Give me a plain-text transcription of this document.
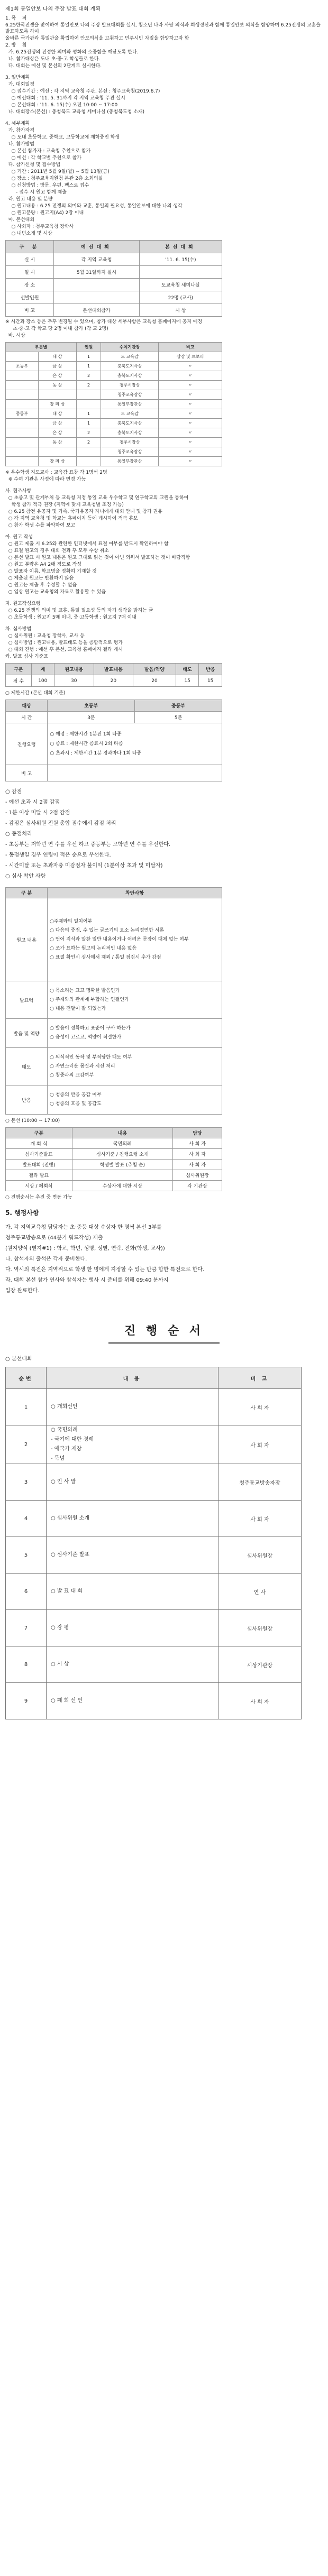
제1회 통일안보 나의 주장 발표 대회 계획
1. 목    적
6.25한국전쟁을 맞이하여 통일안보 나의 주장 발표대회를 실시, 청소년 나라 사랑 의식과 희생정신과 함께 통일안보 의식을 함양하며 6.25전쟁의 교훈을 발표하도록 하여
올바른 국가관과 통일관을 확립하여 안보의식을 고취하고 민주시민 자질을 함양하고자 함
2. 방    침
가. 6.25전쟁의 진정한 의미와 평화의 소중함을 깨닫도록 한다.
나. 참가대상은 도내 초·중·고 학생들로 한다.
다. 대회는 예선 및 본선의 2단계로 실시한다.
3. 일반계획
가. 대회일정
○ 접수기간 : 예선 : 각 지역 교육청 주관, 본선 : 청주교육청(2019.6.7)
○ 예선대회 : '11. 5. 31까지 각 지역 교육청 주관 실시
○ 본선대회 : '11. 6. 15(수) 오전 10:00 ~ 17:00
나. 대회장소(본선) : 충청북도 교육청 세미나실 (충청북도청 소재)
4. 세부계획
가. 참가자격
○ 도내 초등학교, 중학교, 고등학교에 재학중인 학생
나. 참가방법
○ 본선 참가자 : 교육청 추천으로 참가
○ 예선 : 각 학교별 추천으로 참가
다. 참가신청 및 접수방법
○ 기간 : 2011년 5월 9일(월) ~ 5월 13일(금)
○ 장소 : 청주교육지원청 본관 2층 소회의실
○ 신청방법 : 방문, 우편, 팩스로 접수
- 접수 시 원고 함께 제출
라. 원고 내용 및 분량
○ 원고내용 : 6.25 전쟁의 의미와 교훈, 통일의 필요성, 통일안보에 대한 나의 생각
○ 원고분량 : 원고지(A4) 2장 이내
마. 본선대회
○ 사회자 : 청주교육청 장학사
○ 내빈소개 및 시상
구 분	예선대회	본선대회
실 시	각 지역 교육청	'11. 6. 15(수)
일 시	5월 31일까지 실시	
장 소		도교육청 세미나실
선발인원		22명 (교사)
비 고	본선대회참가	시 상
※ 시간과 장소 등은 추후 변경될 수 있으며, 참가 대상 세부사항은 교육청 홈페이지에 공지 예정
초·중·고 각 학교 당 2명 이내 참가 (각 교 2명)
바. 시상
부문별		인원	수여기관장	비고
	대 상	1	도 교육감	상장 및 트로피
초등부	금 상	1	충북도지사상	〃
	은 상	2	충북도지사상	〃
	동 상	2	청주시장상	〃
			청주교육장상	〃
	장 려 상		통일부장관상	〃
중등부	대 상	1	도 교육감	〃
	금 상	1	충북도지사상	〃
	은 상	2	충북도지사상	〃
	동 상	2	청주시장상	〃
			청주교육장상	〃
	장 려 상		통일부장관상	〃
※ 우수학생 지도교사 : 교육감 표창 각 1명씩 2명
※ 수여 기관은 사정에 따라 변경 가능
사. 협조사항
○ 초중고 및 관계부처 등 교육청 지정 통일 교육 우수학교 및 연구학교의 교원을 통하여
학생 참가 적극 권장 (지역에 맞게 교육청별 조정 가능)
○ 6.25 참전 유공자 및 가족, 국가유공자 자녀에게 대회 안내 및 참가 권유
○ 각 지역 교육청 및 학교는 홈페이지 등에 게시하여 적극 홍보
○ 참가 학생 수를 파악하여 보고
아. 원고 작성
○ 원고 제출 시 6.25와 관련한 인터넷에서 표절 여부를 반드시 확인하여야 함
○ 표절 원고의 경우 대회 전과 후 모두 수상 취소
○ 본선 발표 시 원고 내용은 원고 그대로 읽는 것이 아닌 외워서 발표하는 것이 바람직함
○ 원고 분량은 A4 2매 정도로 작성
○ 발표자 이름, 학교명을 정확히 기재할 것
○ 제출된 원고는 반환하지 않음
○ 원고는 제출 후 수정할 수 없음
○ 입상 원고는 교육청의 자료로 활용할 수 있음
자. 원고작성요령
○ 6.25 전쟁의 의미 및 교훈, 통일 필요성 등의 자기 생각을 밝히는 글
○ 초등학생 : 원고지 5매 이내, 중·고등학생 : 원고지 7매 이내
차. 심사방법
○ 심사위원 : 교육청 장학사, 교사 등
○ 심사방법 : 원고내용, 발표태도 등을 종합적으로 평가
○ 대회 진행 : 예선 후 본선, 교육청 홈페이지 결과 게시
카. 발표 심사 기준표
구분	계	원고내용	발표내용	발음/억양	태도	반응
점 수	100	30	20	20	15	15
○ 제한시간 (본선 대회 기준)
대상	초등부	중등부
시 간	3분	5분
진행요령	○ 예령 : 제한시간 1분전 1회 타종
○ 종료 : 제한시간 종료시 2회 타종
○ 초과시 : 제한시간 1분 경과마다 1회 타종	
비 고		
○ 감점
- 예선 초과 시 2점 감점
- 1분 이상 미달 시 2점 감점
- 감점은 심사위원 전원 총합 점수에서 감점 처리
○ 동점처리
- 초등부는 저학년 연 수를 우선 하고 중등부는 고학년 연 수를 우선한다.
- 동점생일 경우 연령이 적은 순으로 우선한다.
- 시간미달 또는 초과자중 미감점자 불이익 (1분이상 초과 및 미달자)
○ 심사 착안 사항
구 분	착안사항
원고 내용	○주제와의 일치여부
○ 다음의 중점, 수 있는 글쓰기의 요소 논리정연한 서론
○ 언어 지식과 알찬 일반 내용이거나 어려운 문장이 대체 없는 여부
○ 조가 요하는 원고의 논리적인 내용 없음
○ 표절 확인시 심사에서 제외 / 통일 점검시 추가 감점
발표력	○ 목소리는 크고 명확한 발음인가
○ 주제와의 관계에 부합하는 연결인가
○ 내용 전달이 잘 되었는가
발음 및 억양	○ 발음이 정확하고 표준어 구사 하는가
○ 음성이 고르고, 억양이 적절한가
태도	○ 의식적인 동작 및 부적당한 태도 여부
○ 자연스러운 몸짓과 시선 처리
○ 청중과의 교감여부
반응	○ 청중의 반응 공감 여부
○ 청중의 호응 및 공감도
○ 본선 (10:00 ~ 17:00)
구분	내용	담당
개 회 식	국민의례	사 회 자
심사기준발표	심사기준 / 진행요령 소개	사 회 자
발표대회 (진행)	학생별 발표 (추첨 순)	사 회 자
결과 발표		심사위원장
시상 / 폐회식	수상자에 대한 시상	각 기관장
○ 진행순서는 추진 중 변동 가능
5. 행정사항
가. 각 지역교육청 담당자는 초·중등 대상 수상자 한 명씩 본선 3부를
청주통교방송으로 (44분기 워드작성) 제출
(원지양식 (별지#1) : 학교, 학년, 성명, 성별, 연락, 전화(학생, 교사))
나. 참석자의 출석은 각자 준비한다.
다. 역시의 특전은 지역적으로 학생 한 명에게 지정할 수 있는 만큼 합한 특전으로 한다.
라. 대회 본선 참가 연사와 참석자는 행사 시 준비를 위해 09:40 분까지
입장 완료한다.
진 행 순 서
○ 본선대회
순번	내 용	비 고
1	○ 개회선언	사 회 자
2	○ 국민의례
- 국기에 대한 경례
- 애국가 제창
- 묵념	사 회 자
3	○ 인 사 말	청주통교방송자장
4	○ 심사위원 소개	사 회 자
5	○ 심사기준 발표	심사위원장
6	○ 발 표 대 회	연 사
7	○ 강 평	심사위원장
8	○ 시 상	시상기관장
9	○ 폐 회 선 언	사 회 자
